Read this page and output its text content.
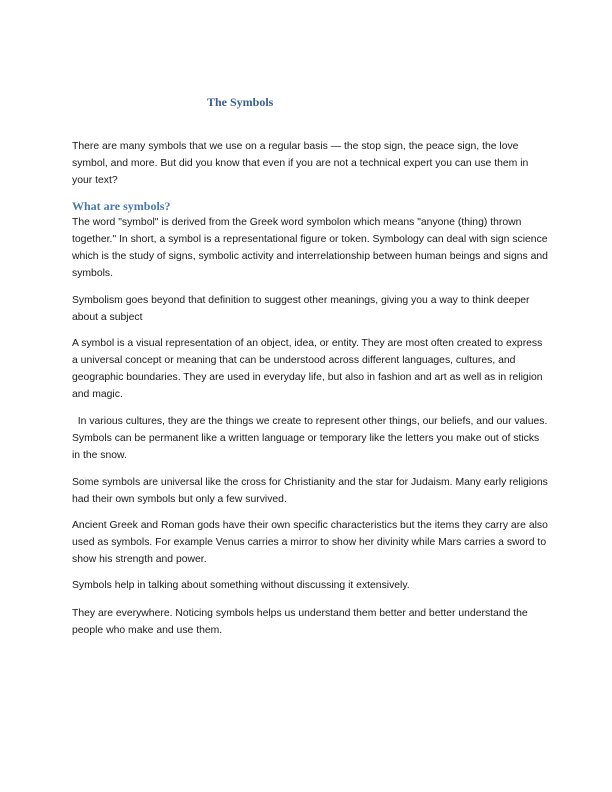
The Symbols

There are many symbols that we use on a regular basis — the stop sign, the peace sign, the love symbol, and more. But did you know that even if you are not a technical expert you can use them in your text?

What are symbols?

The word "symbol" is derived from the Greek word symbolon which means "anyone (thing) thrown together." In short, a symbol is a representational figure or token. Symbology can deal with sign science which is the study of signs, symbolic activity and interrelationship between human beings and signs and symbols.

Symbolism goes beyond that definition to suggest other meanings, giving you a way to think deeper about a subject

A symbol is a visual representation of an object, idea, or entity. They are most often created to express a universal concept or meaning that can be understood across different languages, cultures, and geographic boundaries. They are used in everyday life, but also in fashion and art as well as in religion and magic.

In various cultures, they are the things we create to represent other things, our beliefs, and our values. Symbols can be permanent like a written language or temporary like the letters you make out of sticks in the snow.

Some symbols are universal like the cross for Christianity and the star for Judaism. Many early religions had their own symbols but only a few survived.

Ancient Greek and Roman gods have their own specific characteristics but the items they carry are also used as symbols. For example Venus carries a mirror to show her divinity while Mars carries a sword to show his strength and power.

Symbols help in talking about something without discussing it extensively.

They are everywhere. Noticing symbols helps us understand them better and better understand the people who make and use them.
